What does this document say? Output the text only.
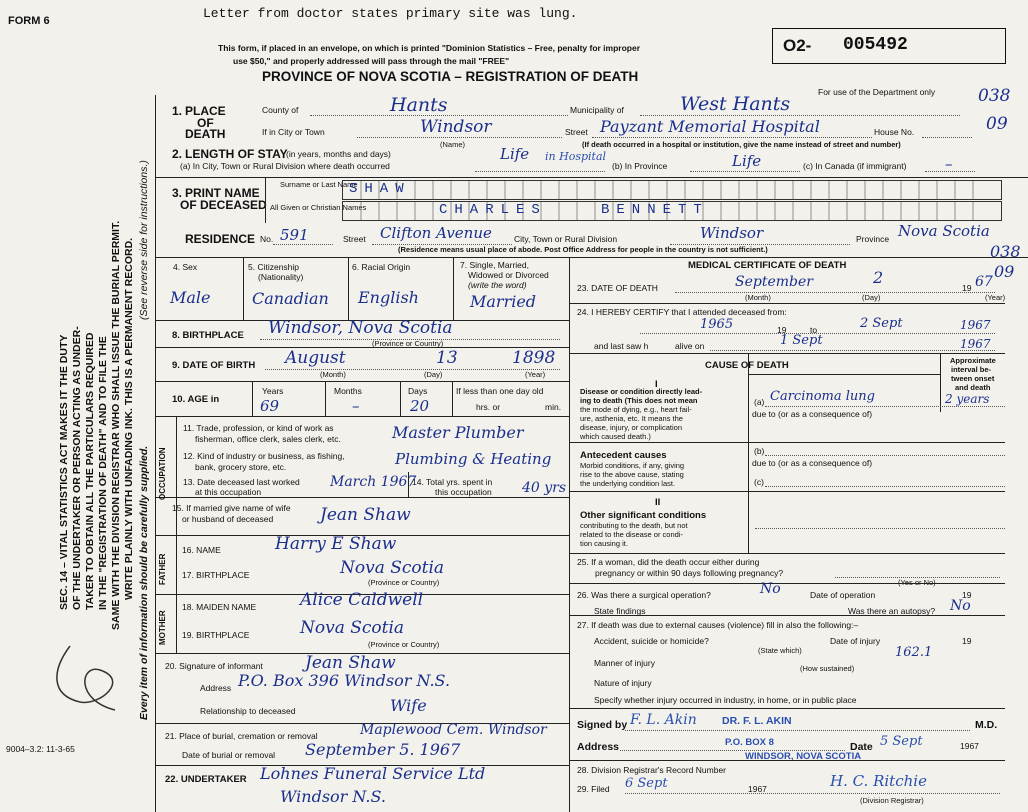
FORM 6	Letter from doctor states primary site was lung.
This form, if placed in an envelope, on which is printed "Dominion Statistics – Free, penalty for improper
use $50," and properly addressed will pass through the mail "FREE"
PROVINCE OF NOVA SCOTIA – REGISTRATION OF DEATH
O2- 005492
For use of the Department only	038
09
038
09
SEC. 14 – VITAL STATISTICS ACT MAKES IT THE DUTY OF THE UNDERTAKER OR PERSON ACTING AS UNDER- TAKER TO OBTAIN ALL THE PARTICULARS REQUIRED IN THE "REGISTRATION OF DEATH" AND TO FILE THE SAME WITH THE DIVISION REGISTRAR WHO SHALL ISSUE THE BURIAL PERMIT. WRITE PLAINLY WITH UNFADING INK. THIS IS A PERMANENT RECORD. (See reverse side for instructions.)
Every item of information should be carefully supplied.
9004–3.2: 11-3-65
1. PLACE
OF
DEATH
County of	Hants	Municipality of	West Hants
If in City or Town	Windsor
(Name)
Street Payzant Memorial Hospital	House No.
2. LENGTH OF STAY
(in years, months and days)
(If death occurred in a hospital or institution, give the name instead of street and number)
(a) In City, Town or Rural Division where death occurred
Life in Hospital
(b) In Province	Life	(c) In Canada (if immigrant)	–
3. PRINT NAME
OF DECEASED
Surname or Last Name
SHAW
All Given or Christian Names	CHARLES	BENNETT
RESIDENCE No. 591	Street Clifton Avenue	City, Town or Rural Division	Windsor	Province Nova Scotia
(Residence means usual place of abode. Post Office Address for people in the country is not sufficient.)
4. Sex
Male
5. Citizenship
(Nationality)
Canadian
6. Racial Origin
English
7. Single, Married,
Widowed or Divorced
(write the word)
Married
8. BIRTHPLACE Windsor, Nova Scotia
(Province or Country)
9. DATE OF BIRTH August	13	1898
(Month)	(Day)	(Year)
10. AGE in
Years
69
Months
–
Days
20
If less than one day old
hrs. or	min.
OCCUPATION
11. Trade, profession, or kind of work as
fisherman, office clerk, sales clerk, etc.	Master Plumber
12. Kind of industry or business, as fishing,
bank, grocery store, etc.	Plumbing & Heating
13. Date deceased last worked
at this occupation
March 1967
14. Total yrs. spent in
this occupation 40 yrs
15. If married give name of wife
or husband of deceased	Jean Shaw
FATHER
16. NAME	Harry E Shaw
17. BIRTHPLACE	Nova Scotia
(Province or Country)
MOTHER
18. MAIDEN NAME	Alice Caldwell
19. BIRTHPLACE	Nova Scotia
(Province or Country)
20. Signature of informant Jean Shaw
Address P.O. Box 396 Windsor N.S.
Relationship to deceased	Wife
21. Place of burial, cremation or removal	Maplewood Cem. Windsor
Date of burial or removal September 5. 1967
22. UNDERTAKER Lohnes Funeral Service Ltd
Windsor N.S.
MEDICAL CERTIFICATE OF DEATH
23. DATE OF DEATH	September	2
19 67
(Month)	(Day)	(Year)
24. I HEREBY CERTIFY that I attended deceased from:
1965	19	to	2 Sept	1967
and last saw h	alive on	1 Sept	1967
CAUSE OF DEATH	Approximate
interval be-
tween onset
and death
I
Disease or condition directly lead-
ing to death (This does not mean
the mode of dying, e.g., heart fail-
ure, asthenia, etc. It means the
disease, injury, or complication
which caused death.)
(a) Carcinoma lung	2 years
due to (or as a consequence of)
Antecedent causes
Morbid conditions, if any, giving
rise to the above cause, stating
the underlying condition last.
(b)
due to (or as a consequence of)
(c)
II
Other significant conditions
contributing to the death, but not
related to the disease or condi-
tion causing it.
25. If a woman, did the death occur either during
pregnancy or within 90 days following pregnancy?
(Yes or No)
26. Was there a surgical operation?	No	Date of operation	19
State findings	Was there an autopsy? No
27. If death was due to external causes (violence) fill in also the following:–
Accident, suicide or homicide?
(State which)
Date of injury	19
Manner of injury
162.1
(How sustained)
Nature of injury
Specify whether injury occurred in industry, in home, or in public place
Signed by F. L. Akin DR. F. L. AKIN	M.D.
Address	P.O. BOX 8
WINDSOR, NOVA SCOTIA
Date 5 Sept	1967
28. Division Registrar's Record Number
29. Filed 6 Sept	1967	H. C. Ritchie
(Division Registrar)
